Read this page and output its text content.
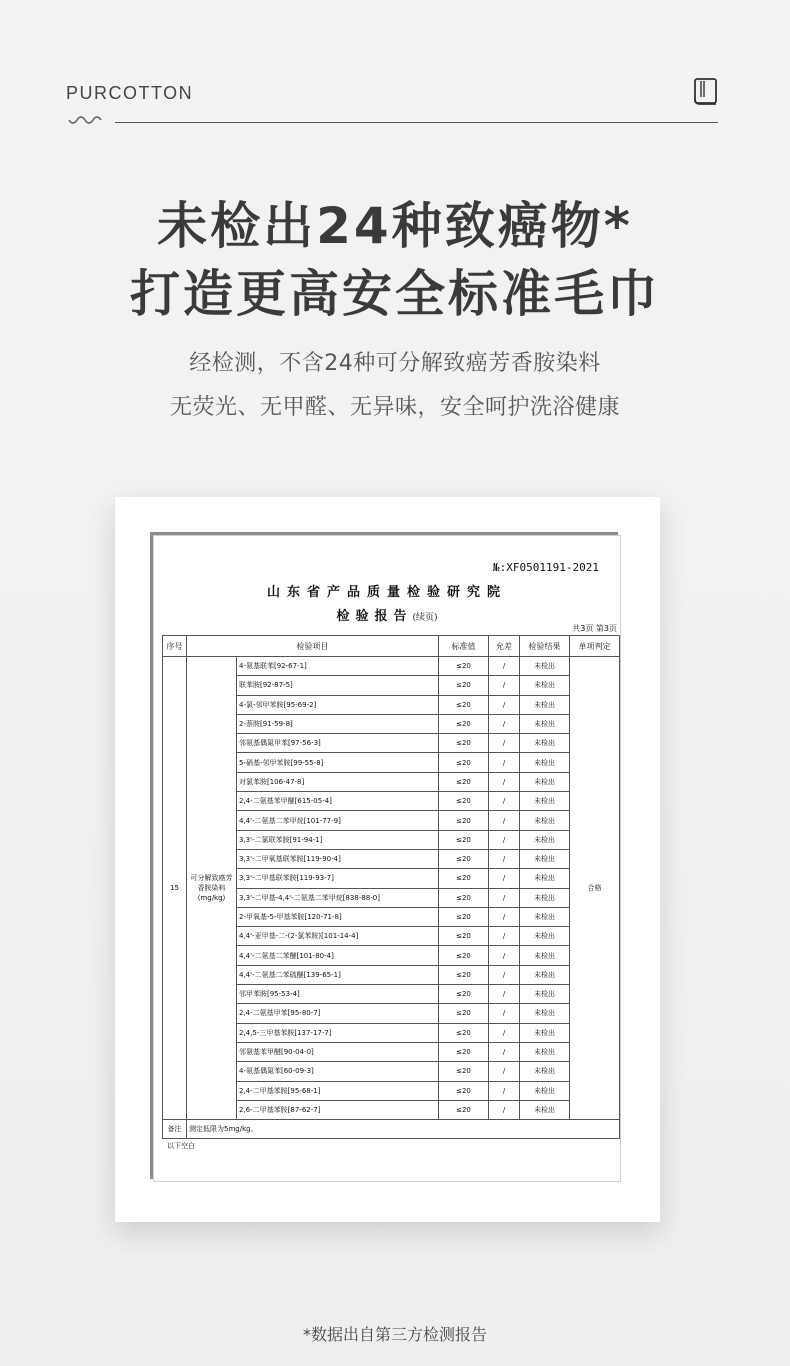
PURCOTTON
未检出24种致癌物*
打造更高安全标准毛巾
经检测，不含24种可分解致癌芳香胺染料
无荧光、无甲醛、无异味，安全呵护洗浴健康
№:XF0501191-2021
山东省产品质量检验研究院
检验报告(续页)
共3页 第3页
序号	检验项目		标准值	允差	检验结果	单项判定
15	可分解致癌芳香胺染料(mg/kg)	4-氨基联苯[92-67-1]	≤20	/	未检出	合格
		联苯胺[92-87-5]	≤20	/	未检出	
		4-氯-邻甲苯胺[95-69-2]	≤20	/	未检出	
		2-萘胺[91-59-8]	≤20	/	未检出	
		邻氨基偶氮甲苯[97-56-3]	≤20	/	未检出	
		5-硝基-邻甲苯胺[99-55-8]	≤20	/	未检出	
		对氯苯胺[106-47-8]	≤20	/	未检出	
		2,4-二氨基苯甲醚[615-05-4]	≤20	/	未检出	
		4,4'-二氨基二苯甲烷[101-77-9]	≤20	/	未检出	
		3,3'-二氯联苯胺[91-94-1]	≤20	/	未检出	
		3,3'-二甲氧基联苯胺[119-90-4]	≤20	/	未检出	
		3,3'-二甲基联苯胺[119-93-7]	≤20	/	未检出	
		3,3'-二甲基-4,4'-二氨基二苯甲烷[838-88-0]	≤20	/	未检出	
		2-甲氧基-5-甲基苯胺[120-71-8]	≤20	/	未检出	
		4,4'-亚甲基-二-(2-氯苯胺)[101-14-4]	≤20	/	未检出	
		4,4'-二氨基二苯醚[101-80-4]	≤20	/	未检出	
		4,4'-二氨基二苯硫醚[139-65-1]	≤20	/	未检出	
		邻甲苯胺[95-53-4]	≤20	/	未检出	
		2,4-二氨基甲苯[95-80-7]	≤20	/	未检出	
		2,4,5-三甲基苯胺[137-17-7]	≤20	/	未检出	
		邻氨基苯甲醚[90-04-0]	≤20	/	未检出	
		4-氨基偶氮苯[60-09-3]	≤20	/	未检出	
		2,4-二甲基苯胺[95-68-1]	≤20	/	未检出	
		2,6-二甲基苯胺[87-62-7]	≤20	/	未检出	
备注	测定低限为5mg/kg。					
以下空白
*数据出自第三方检测报告
